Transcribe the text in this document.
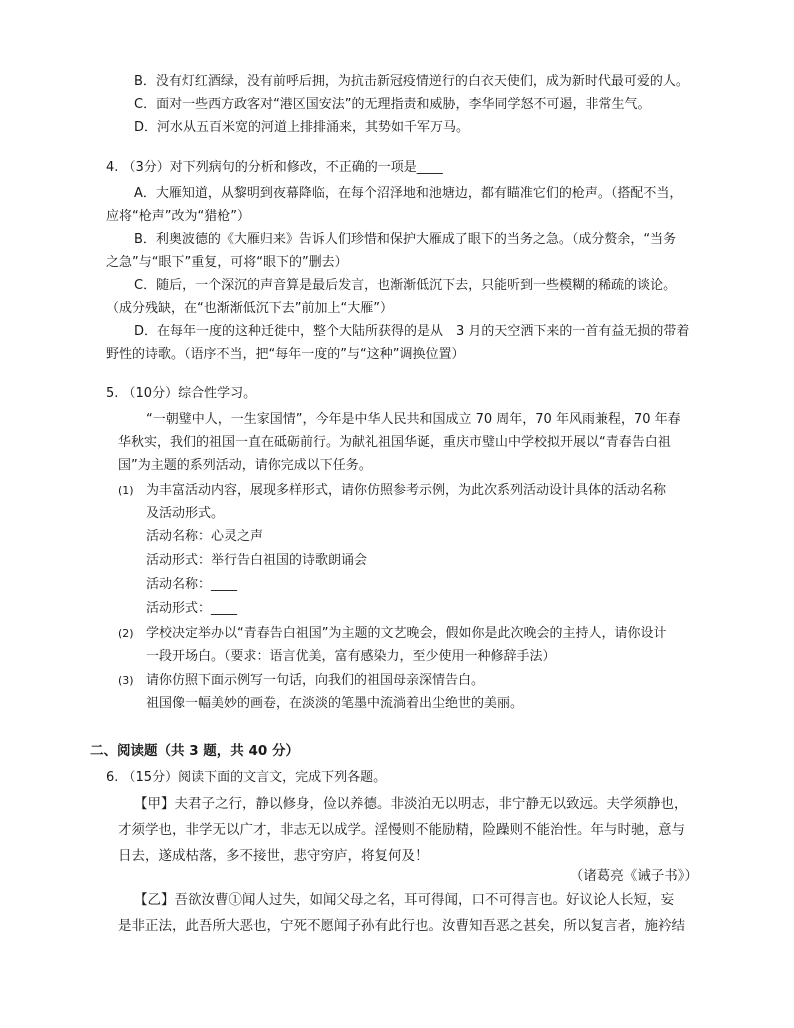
B．没有灯红酒绿，没有前呼后拥，为抗击新冠疫情逆行的白衣天使们，成为新时代最可爱的人。
C．面对一些西方政客对“港区国安法”的无理指责和威胁，李华同学怒不可遏，非常生气。
D．河水从五百米宽的河道上排排涌来，其势如千军万马。
4. （3分）对下列病句的分析和修改，不正确的一项是____
A．大雁知道，从黎明到夜幕降临，在每个沼泽地和池塘边，都有瞄准它们的枪声。（搭配不当，
应将“枪声”改为“猎枪”）
B．利奥波德的《大雁归来》告诉人们珍惜和保护大雁成了眼下的当务之急。（成分赘余，“当务
之急”与“眼下”重复，可将“眼下的”删去）
C．随后，一个深沉的声音算是最后发言，也渐渐低沉下去，只能听到一些模糊的稀疏的谈论。
（成分残缺，在“也渐渐低沉下去”前加上“大雁”）
D．在每年一度的这种迁徙中，整个大陆所获得的是从　3 月的天空洒下来的一首有益无损的带着
野性的诗歌。（语序不当，把“每年一度的”与“这种”调换位置）
5. （10分）综合性学习。
“一朝璧中人，一生家国情”，今年是中华人民共和国成立 70 周年，70 年风雨兼程，70 年春
华秋实，我们的祖国一直在砥砺前行。为献礼祖国华诞，重庆市璧山中学校拟开展以“青春告白祖
国”为主题的系列活动，请你完成以下任务。
(1) 为丰富活动内容，展现多样形式，请你仿照参考示例，为此次系列活动设计具体的活动名称
及活动形式。
活动名称：心灵之声
活动形式：举行告白祖国的诗歌朗诵会
活动名称：____
活动形式：____
(2) 学校决定举办以“青春告白祖国”为主题的文艺晚会，假如你是此次晚会的主持人，请你设计
一段开场白。（要求：语言优美，富有感染力，至少使用一种修辞手法）
(3) 请你仿照下面示例写一句话，向我们的祖国母亲深情告白。
祖国像一幅美妙的画卷，在淡淡的笔墨中流淌着出尘绝世的美丽。
二、阅读题（共 3 题，共 40 分）
6. （15分）阅读下面的文言文，完成下列各题。
【甲】夫君子之行，静以修身，俭以养德。非淡泊无以明志，非宁静无以致远。夫学须静也，
才须学也，非学无以广才，非志无以成学。淫慢则不能励精，险躁则不能治性。年与时驰，意与
日去，遂成枯落，多不接世，悲守穷庐，将复何及！
（诸葛亮《诫子书》）
【乙】吾欲汝曹①闻人过失，如闻父母之名，耳可得闻，口不可得言也。好议论人长短，妄
是非正法，此吾所大恶也，宁死不愿闻子孙有此行也。汝曹知吾恶之甚矣，所以复言者，施衿结
